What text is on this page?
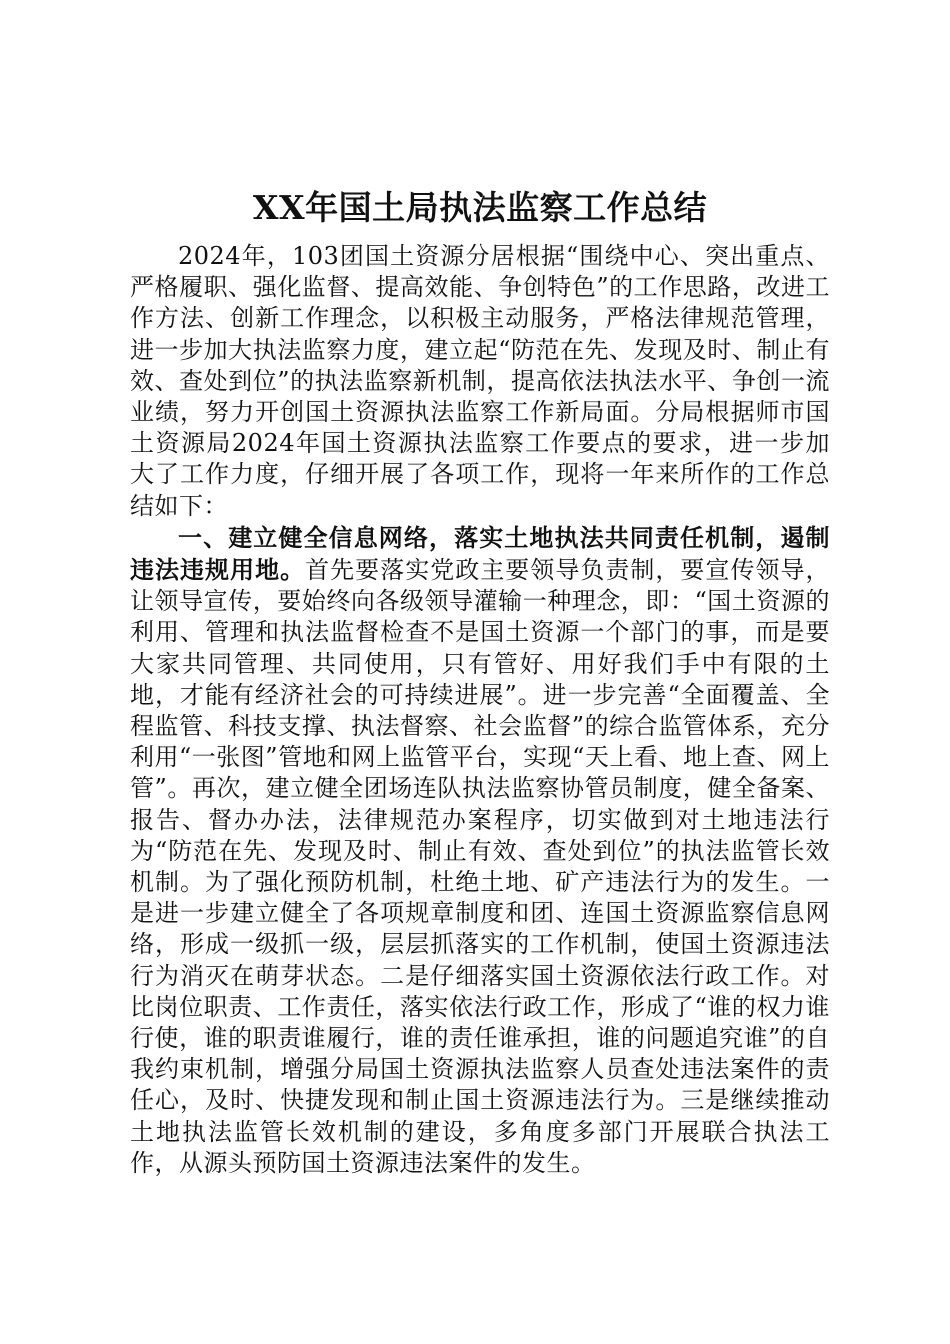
XX年国土局执法监察工作总结

2024年，103团国土资源分居根据“围绕中心、突出重点、严格履职、强化监督、提高效能、争创特色”的工作思路，改进工作方法、创新工作理念，以积极主动服务，严格法律规范管理，进一步加大执法监察力度，建立起“防范在先、发现及时、制止有效、查处到位”的执法监察新机制，提高依法执法水平、争创一流业绩，努力开创国土资源执法监察工作新局面。分局根据师市国土资源局2024年国土资源执法监察工作要点的要求，进一步加大了工作力度，仔细开展了各项工作，现将一年来所作的工作总结如下：

一、建立健全信息网络，落实土地执法共同责任机制，遏制违法违规用地。首先要落实党政主要领导负责制，要宣传领导，让领导宣传，要始终向各级领导灌输一种理念，即：“国土资源的利用、管理和执法监督检查不是国土资源一个部门的事，而是要大家共同管理、共同使用，只有管好、用好我们手中有限的土地，才能有经济社会的可持续进展”。进一步完善“全面覆盖、全程监管、科技支撑、执法督察、社会监督”的综合监管体系，充分利用“一张图”管地和网上监管平台，实现“天上看、地上查、网上管”。再次，建立健全团场连队执法监察协管员制度，健全备案、报告、督办办法，法律规范办案程序，切实做到对土地违法行为“防范在先、发现及时、制止有效、查处到位”的执法监管长效机制。为了强化预防机制，杜绝土地、矿产违法行为的发生。一是进一步建立健全了各项规章制度和团、连国土资源监察信息网络，形成一级抓一级，层层抓落实的工作机制，使国土资源违法行为消灭在萌芽状态。二是仔细落实国土资源依法行政工作。对比岗位职责、工作责任，落实依法行政工作，形成了“谁的权力谁行使，谁的职责谁履行，谁的责任谁承担，谁的问题追究谁”的自我约束机制，增强分局国土资源执法监察人员查处违法案件的责任心，及时、快捷发现和制止国土资源违法行为。三是继续推动土地执法监管长效机制的建设，多角度多部门开展联合执法工作，从源头预防国土资源违法案件的发生。
